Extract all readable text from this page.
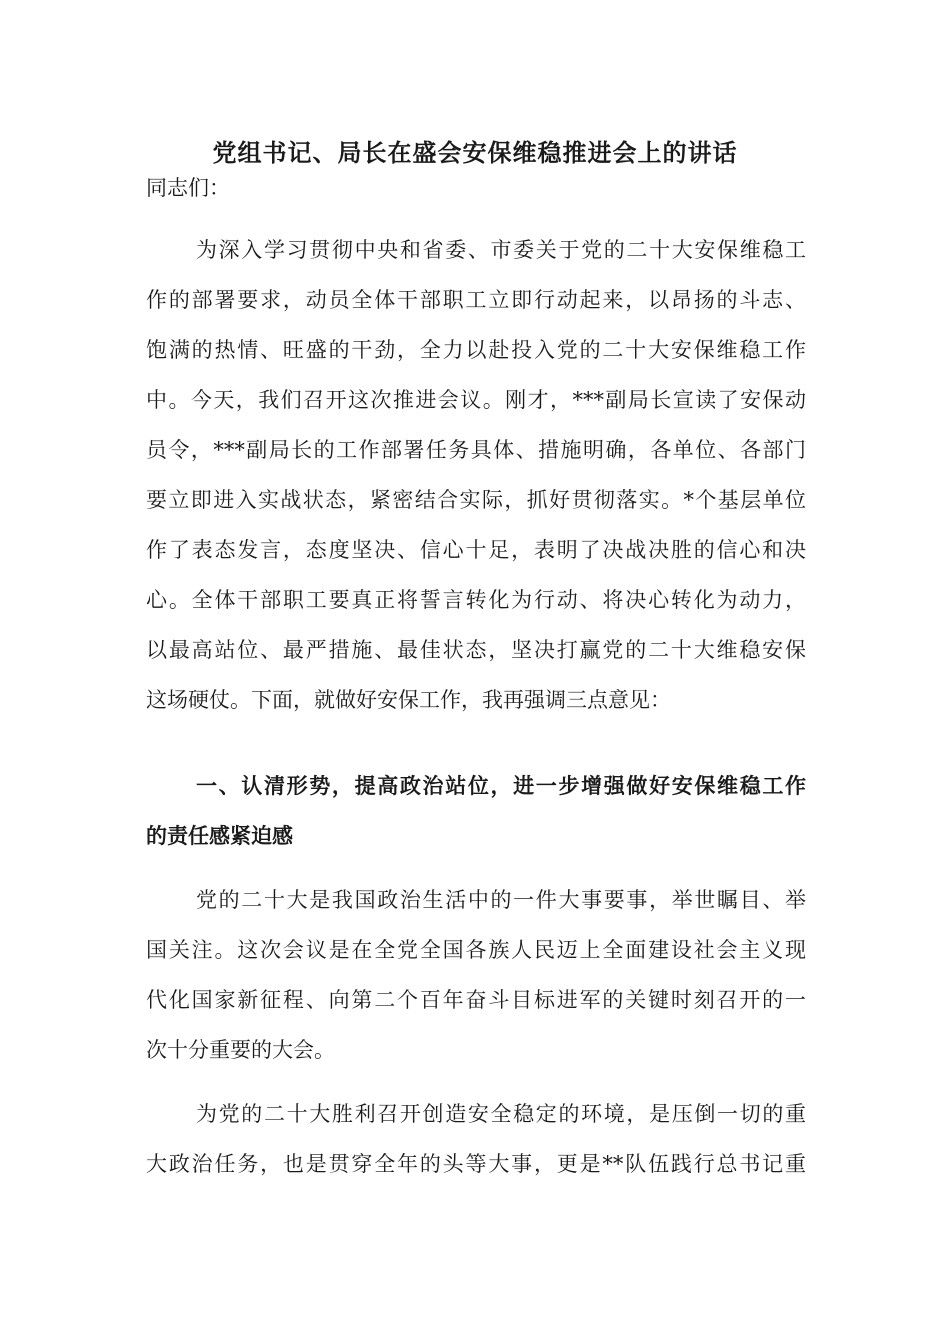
党组书记、局长在盛会安保维稳推进会上的讲话
同志们：
为深入学习贯彻中央和省委、市委关于党的二十大安保维稳工
作的部署要求，动员全体干部职工立即行动起来，以昂扬的斗志、
饱满的热情、旺盛的干劲，全力以赴投入党的二十大安保维稳工作
中。今天，我们召开这次推进会议。刚才，***副局长宣读了安保动
员令，***副局长的工作部署任务具体、措施明确，各单位、各部门
要立即进入实战状态，紧密结合实际，抓好贯彻落实。*个基层单位
作了表态发言，态度坚决、信心十足，表明了决战决胜的信心和决
心。全体干部职工要真正将誓言转化为行动、将决心转化为动力，
以最高站位、最严措施、最佳状态，坚决打赢党的二十大维稳安保
这场硬仗。下面，就做好安保工作，我再强调三点意见：
一、认清形势，提高政治站位，进一步增强做好安保维稳工作
的责任感紧迫感
党的二十大是我国政治生活中的一件大事要事，举世瞩目、举
国关注。这次会议是在全党全国各族人民迈上全面建设社会主义现
代化国家新征程、向第二个百年奋斗目标进军的关键时刻召开的一
次十分重要的大会。
为党的二十大胜利召开创造安全稳定的环境，是压倒一切的重
大政治任务，也是贯穿全年的头等大事，更是**队伍践行总书记重
